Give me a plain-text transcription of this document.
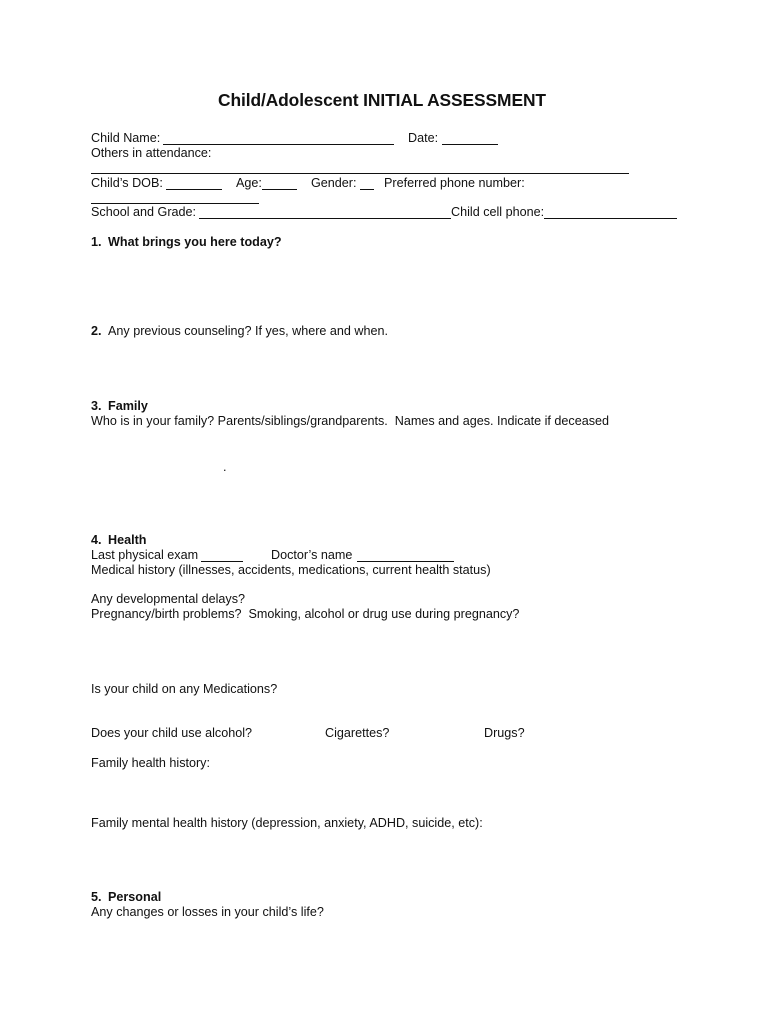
Child/Adolescent INITIAL ASSESSMENT
Child Name:	Date:
Others in attendance:
Child’s DOB:	Age:	Gender: Preferred phone number:
School and Grade:	Child cell phone:
1. What brings you here today?
2. Any previous counseling? If yes, where and when.
3. Family
Who is in your family? Parents/siblings/grandparents.  Names and ages. Indicate if deceased
.
4. Health
Last physical exam	Doctor’s name
Medical history (illnesses, accidents, medications, current health status)
Any developmental delays?
Pregnancy/birth problems?  Smoking, alcohol or drug use during pregnancy?
Is your child on any Medications?
Does your child use alcohol?	Cigarettes?	Drugs?
Family health history:
Family mental health history (depression, anxiety, ADHD, suicide, etc):
5. Personal
Any changes or losses in your child’s life?
